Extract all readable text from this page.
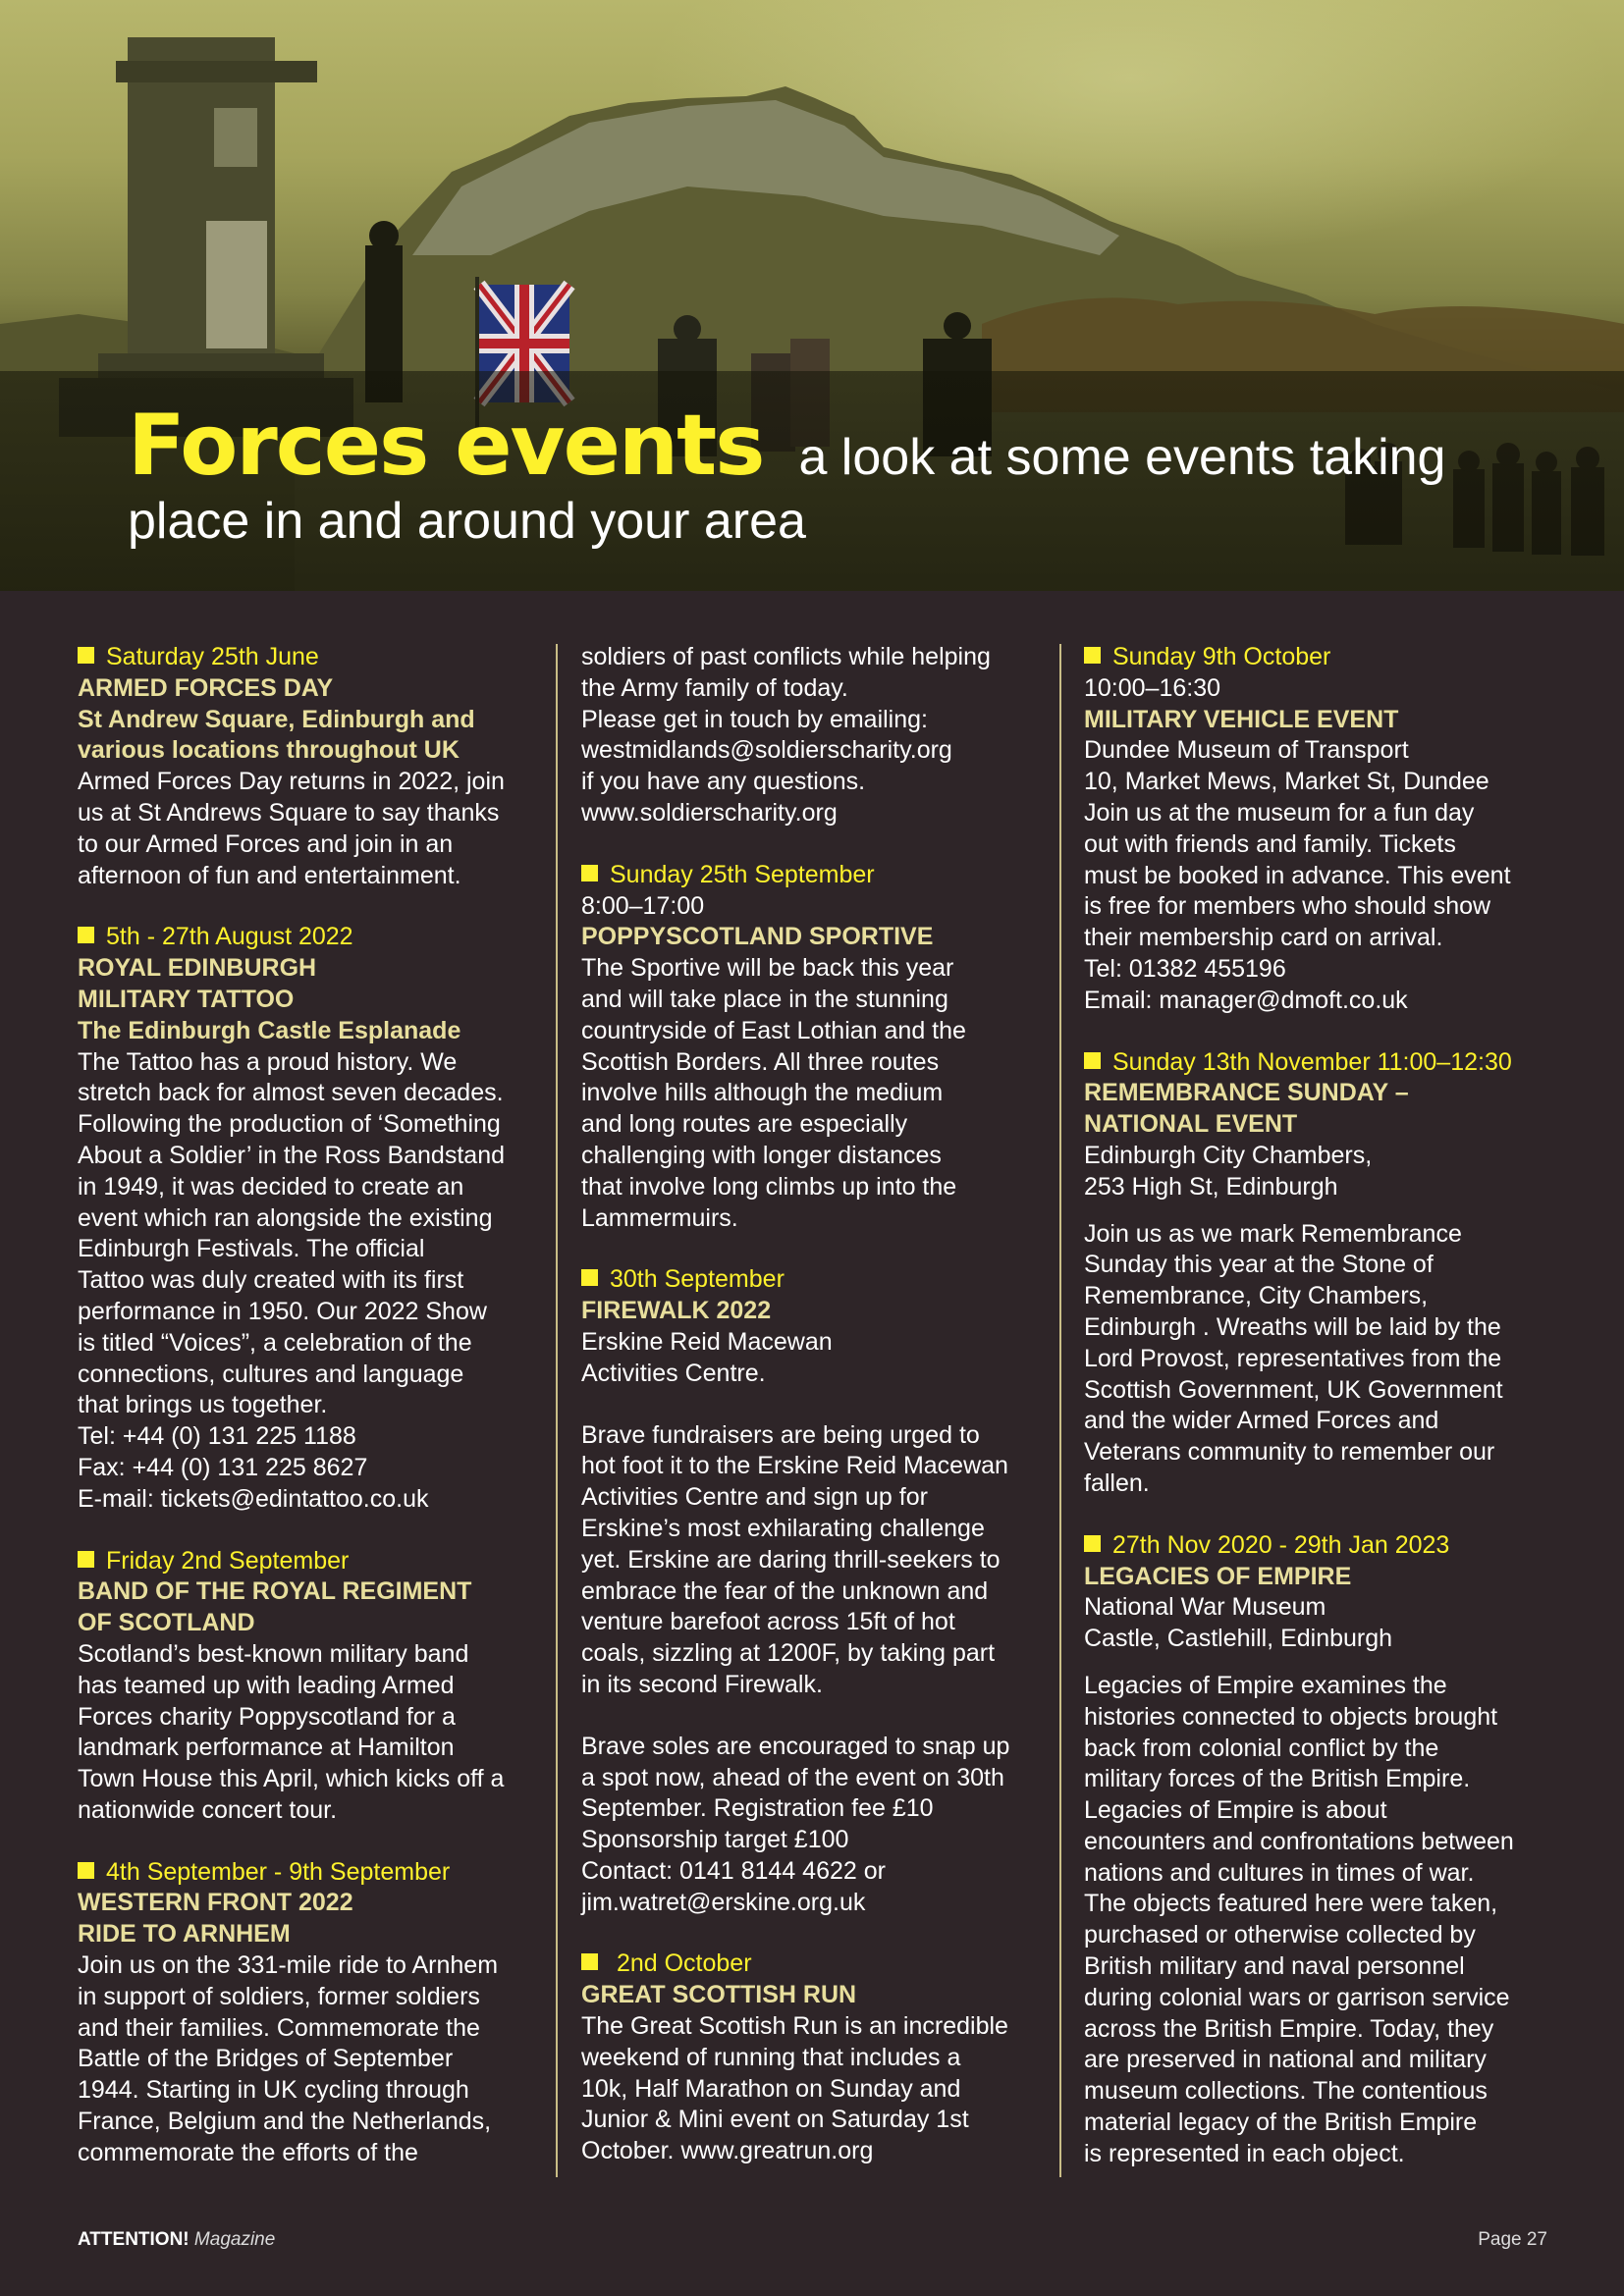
Forces events a look at some events taking
place in and around your area
Saturday 25th June
ARMED FORCES DAY
St Andrew Square, Edinburgh and
various locations throughout UK
Armed Forces Day returns in 2022, join
us at St Andrews Square to say thanks
to our Armed Forces and join in an
afternoon of fun and entertainment.
5th - 27th August 2022
ROYAL EDINBURGH
MILITARY TATTOO
The Edinburgh Castle Esplanade
The Tattoo has a proud history. We
stretch back for almost seven decades.
Following the production of ‘Something
About a Soldier’ in the Ross Bandstand
in 1949, it was decided to create an
event which ran alongside the existing
Edinburgh Festivals. The official
Tattoo was duly created with its first
performance in 1950. Our 2022 Show
is titled “Voices”, a celebration of the
connections, cultures and language
that brings us together.
Tel: +44 (0) 131 225 1188
Fax: +44 (0) 131 225 8627
E-mail: tickets@edintattoo.co.uk
Friday 2nd September
BAND OF THE ROYAL REGIMENT
OF SCOTLAND
Scotland’s best-known military band
has teamed up with leading Armed
Forces charity Poppyscotland for a
landmark performance at Hamilton
Town House this April, which kicks off a
nationwide concert tour.
4th September - 9th September
WESTERN FRONT 2022
RIDE TO ARNHEM
Join us on the 331-mile ride to Arnhem
in support of soldiers, former soldiers
and their families. Commemorate the
Battle of the Bridges of September
1944. Starting in UK cycling through
France, Belgium and the Netherlands,
commemorate the efforts of the
soldiers of past conflicts while helping
the Army family of today.
Please get in touch by emailing:
westmidlands@soldierscharity.org
if you have any questions.
www.soldierscharity.org
Sunday 25th September
8:00–17:00
POPPYSCOTLAND SPORTIVE
The Sportive will be back this year
and will take place in the stunning
countryside of East Lothian and the
Scottish Borders. All three routes
involve hills although the medium
and long routes are especially
challenging with longer distances
that involve long climbs up into the
Lammermuirs.
30th September
FIREWALK 2022
Erskine Reid Macewan
Activities Centre.
Brave fundraisers are being urged to
hot foot it to the Erskine Reid Macewan
Activities Centre and sign up for
Erskine’s most exhilarating challenge
yet. Erskine are daring thrill-seekers to
embrace the fear of the unknown and
venture barefoot across 15ft of hot
coals, sizzling at 1200F, by taking part
in its second Firewalk.
Brave soles are encouraged to snap up
a spot now, ahead of the event on 30th
September. Registration fee £10
Sponsorship target £100
Contact: 0141 8144 4622 or
jim.watret@erskine.org.uk
2nd October
GREAT SCOTTISH RUN
The Great Scottish Run is an incredible
weekend of running that includes a
10k, Half Marathon on Sunday and
Junior & Mini event on Saturday 1st
October. www.greatrun.org
Sunday 9th October
10:00–16:30
MILITARY VEHICLE EVENT
Dundee Museum of Transport
10, Market Mews, Market St, Dundee
Join us at the museum for a fun day
out with friends and family. Tickets
must be booked in advance. This event
is free for members who should show
their membership card on arrival.
Tel: 01382 455196
Email: manager@dmoft.co.uk
Sunday 13th November 11:00–12:30
REMEMBRANCE SUNDAY –
NATIONAL EVENT
Edinburgh City Chambers,
253 High St, Edinburgh
Join us as we mark Remembrance
Sunday this year at the Stone of
Remembrance, City Chambers,
Edinburgh . Wreaths will be laid by the
Lord Provost, representatives from the
Scottish Government, UK Government
and the wider Armed Forces and
Veterans community to remember our
fallen.
27th Nov 2020 - 29th Jan 2023
LEGACIES OF EMPIRE
National War Museum
Castle, Castlehill, Edinburgh
Legacies of Empire examines the
histories connected to objects brought
back from colonial conflict by the
military forces of the British Empire.
Legacies of Empire is about
encounters and confrontations between
nations and cultures in times of war.
The objects featured here were taken,
purchased or otherwise collected by
British military and naval personnel
during colonial wars or garrison service
across the British Empire. Today, they
are preserved in national and military
museum collections. The contentious
material legacy of the British Empire
is represented in each object.
ATTENTION! Magazine	Page 27
